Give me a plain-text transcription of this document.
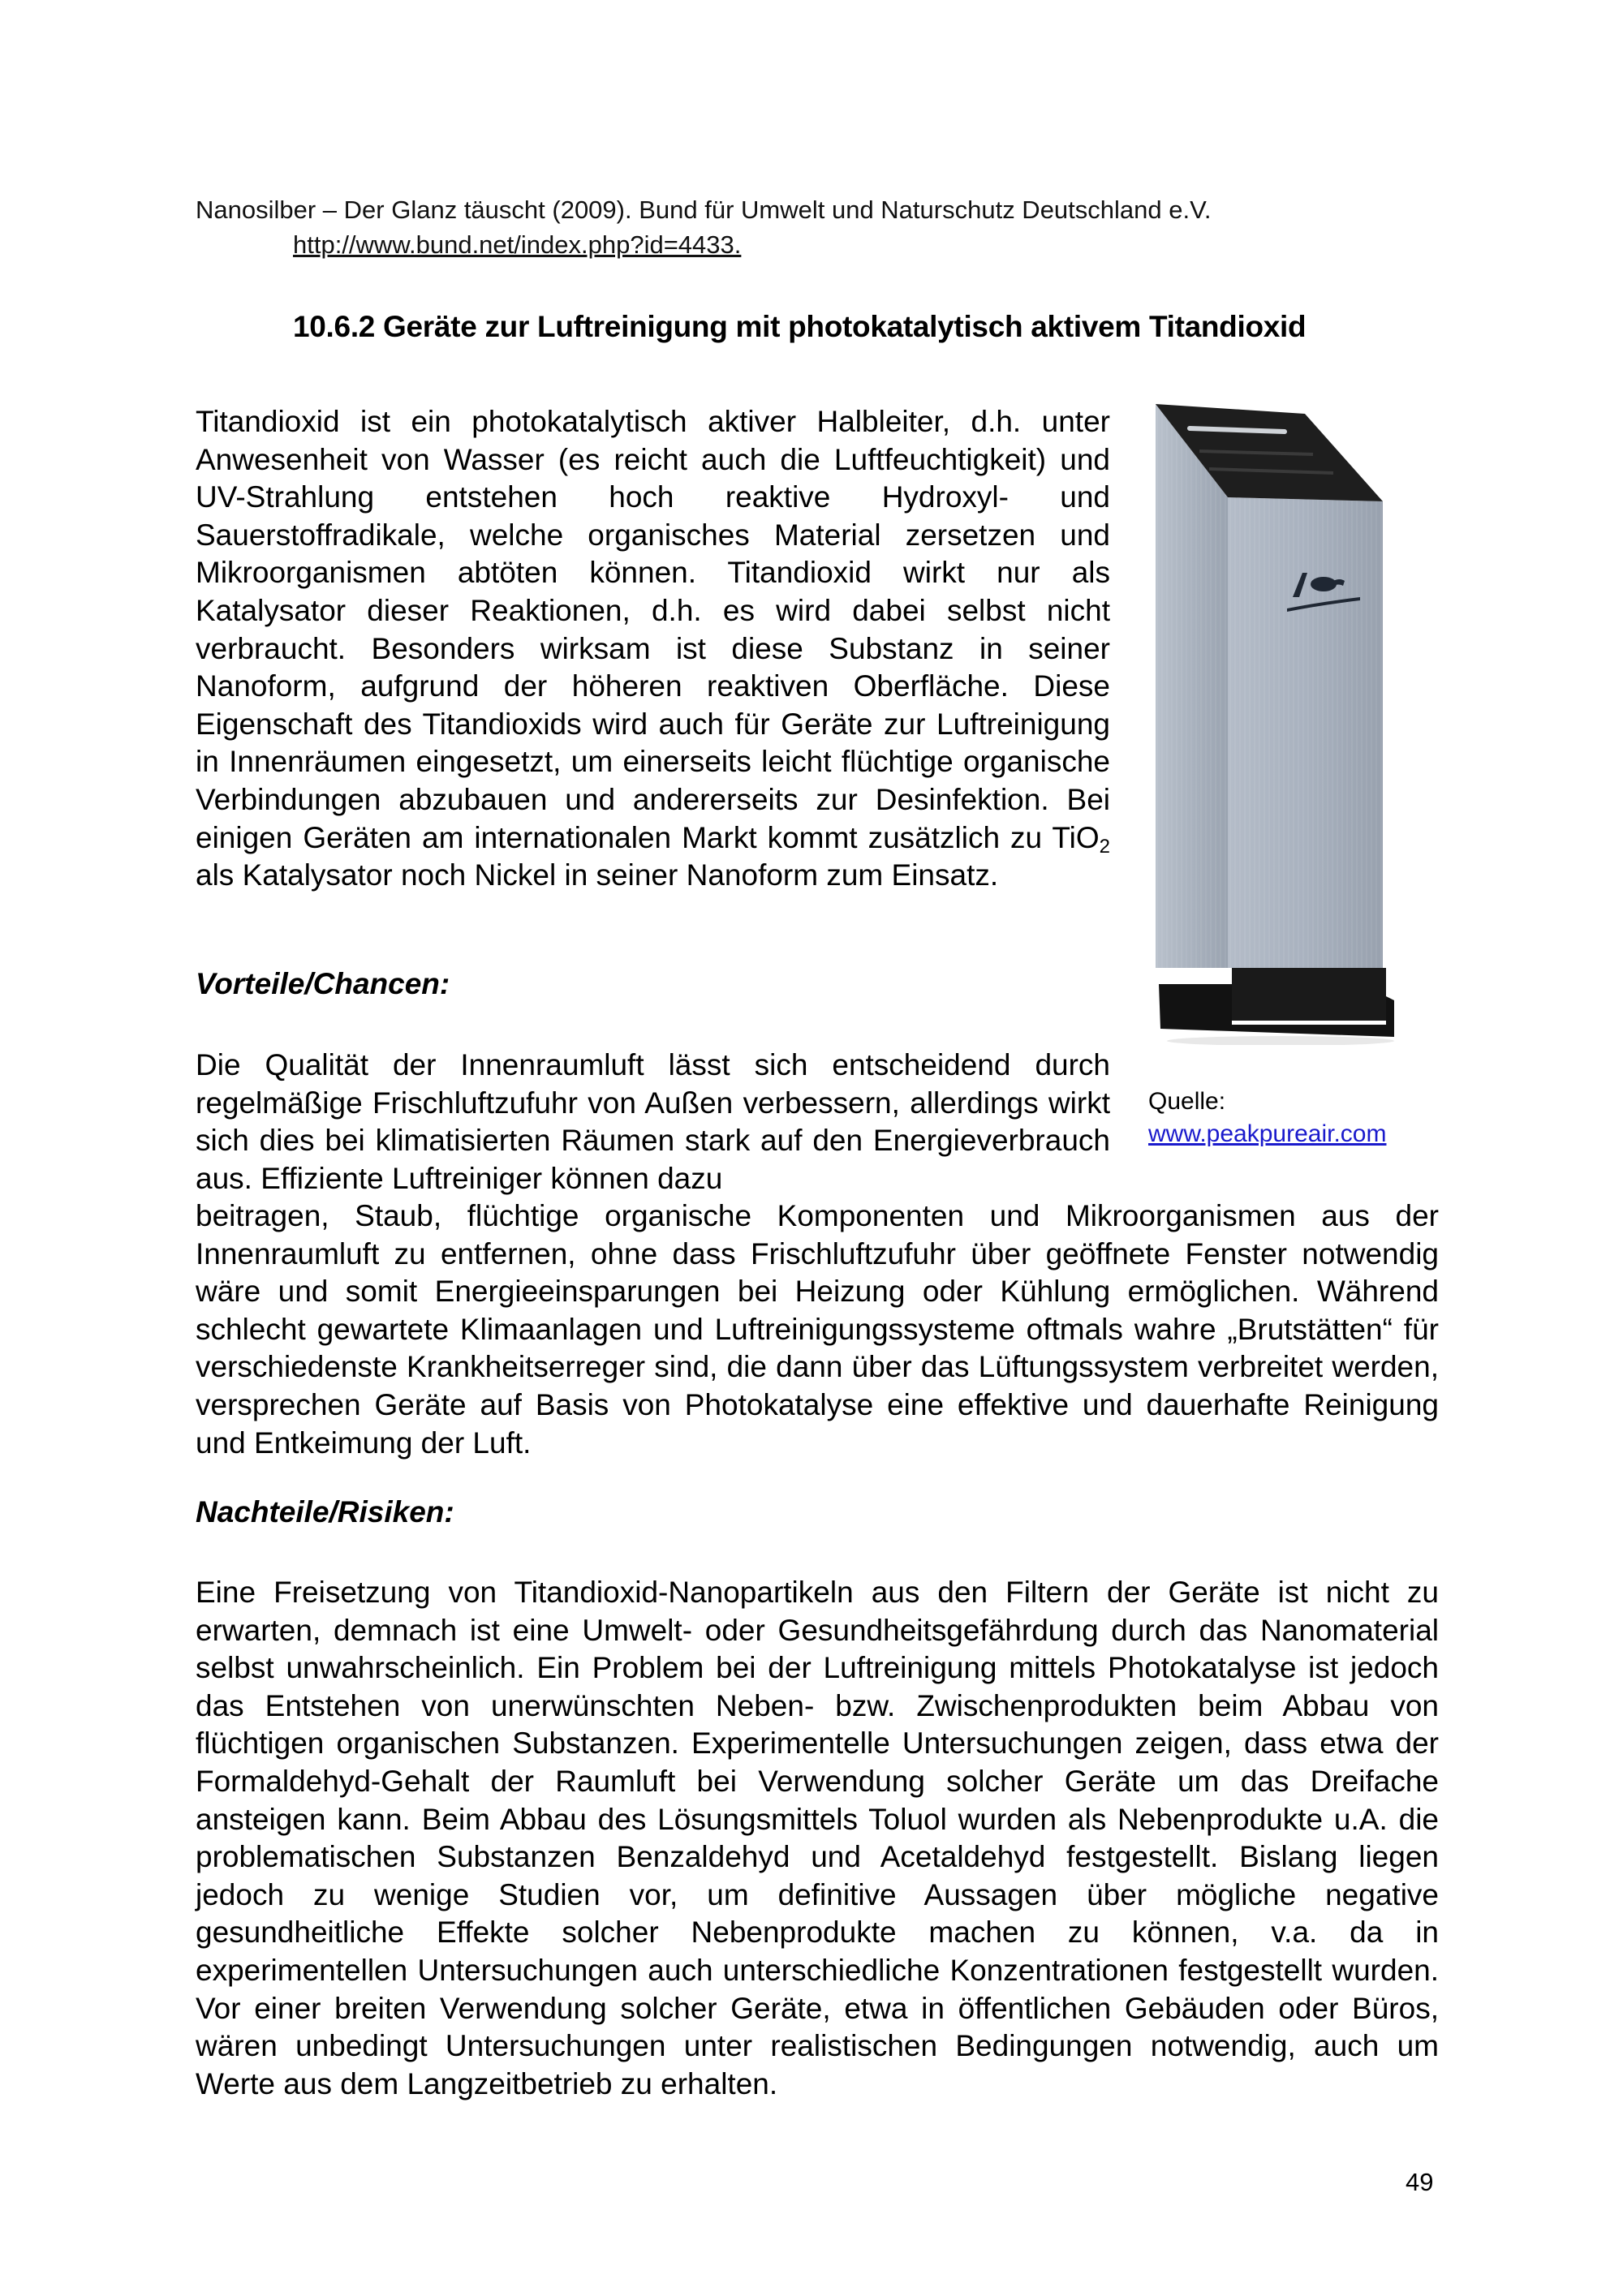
Nanosilber – Der Glanz täuscht (2009). Bund für Umwelt und Naturschutz Deutschland e.V.
http://www.bund.net/index.php?id=4433.
10.6.2 Geräte zur Luftreinigung mit photokatalytisch aktivem Titandioxid
Titandioxid ist ein photokatalytisch aktiver Halbleiter, d.h. unter Anwesenheit von Wasser (es reicht auch die Luftfeuchtigkeit) und UV-Strahlung entstehen hoch reaktive Hydroxyl- und Sauerstoffradikale, welche organisches Material zersetzen und Mikroorganismen abtöten können. Titandioxid wirkt nur als Katalysator dieser Reaktionen, d.h. es wird dabei selbst nicht verbraucht. Besonders wirksam ist diese Substanz in seiner Nanoform, aufgrund der höheren reaktiven Oberfläche. Diese Eigenschaft des Titandioxids wird auch für Geräte zur Luftreinigung in Innenräumen eingesetzt, um einerseits leicht flüchtige organische Verbindungen abzubauen und andererseits zur Desinfektion. Bei einigen Geräten am internationalen Markt kommt zusätzlich zu TiO$_2$ als Katalysator noch Nickel in seiner Nanoform zum Einsatz.
Vorteile/Chancen:
Die Qualität der Innenraumluft lässt sich entscheidend durch regelmäßige Frischluftzufuhr von Außen verbessern, allerdings wirkt sich dies bei klimatisierten Räumen stark auf den Energieverbrauch aus. Effiziente Luftreiniger können dazu
beitragen, Staub, flüchtige organische Komponenten und Mikroorganismen aus der Innenraumluft zu entfernen, ohne dass Frischluftzufuhr über geöffnete Fenster notwendig wäre und somit Energieeinsparungen bei Heizung oder Kühlung ermöglichen. Während schlecht gewartete Klimaanlagen und Luftreinigungssysteme oftmals wahre „Brutstätten“ für verschiedenste Krankheitserreger sind, die dann über das Lüftungssystem verbreitet werden, versprechen Geräte auf Basis von Photokatalyse eine effektive und dauerhafte Reinigung und Entkeimung der Luft.
Nachteile/Risiken:
Eine Freisetzung von Titandioxid-Nanopartikeln aus den Filtern der Geräte ist nicht zu erwarten, demnach ist eine Umwelt- oder Gesundheitsgefährdung durch das Nanomaterial selbst unwahrscheinlich. Ein Problem bei der Luftreinigung mittels Photokatalyse ist jedoch das Entstehen von unerwünschten Neben- bzw. Zwischenprodukten beim Abbau von flüchtigen organischen Substanzen. Experimentelle Untersuchungen zeigen, dass etwa der Formaldehyd-Gehalt der Raumluft bei Verwendung solcher Geräte um das Dreifache ansteigen kann. Beim Abbau des Lösungsmittels Toluol wurden als Nebenprodukte u.A. die problematischen Substanzen Benzaldehyd und Acetaldehyd festgestellt. Bislang liegen jedoch zu wenige Studien vor, um definitive Aussagen über mögliche negative gesundheitliche Effekte solcher Nebenprodukte machen zu können, v.a. da in experimentellen Untersuchungen auch unterschiedliche Konzentrationen festgestellt wurden. Vor einer breiten Verwendung solcher Geräte, etwa in öffentlichen Gebäuden oder Büros, wären unbedingt Untersuchungen unter realistischen Bedingungen notwendig, auch um Werte aus dem Langzeitbetrieb zu erhalten.
Quelle:
www.peakpureair.com
49
